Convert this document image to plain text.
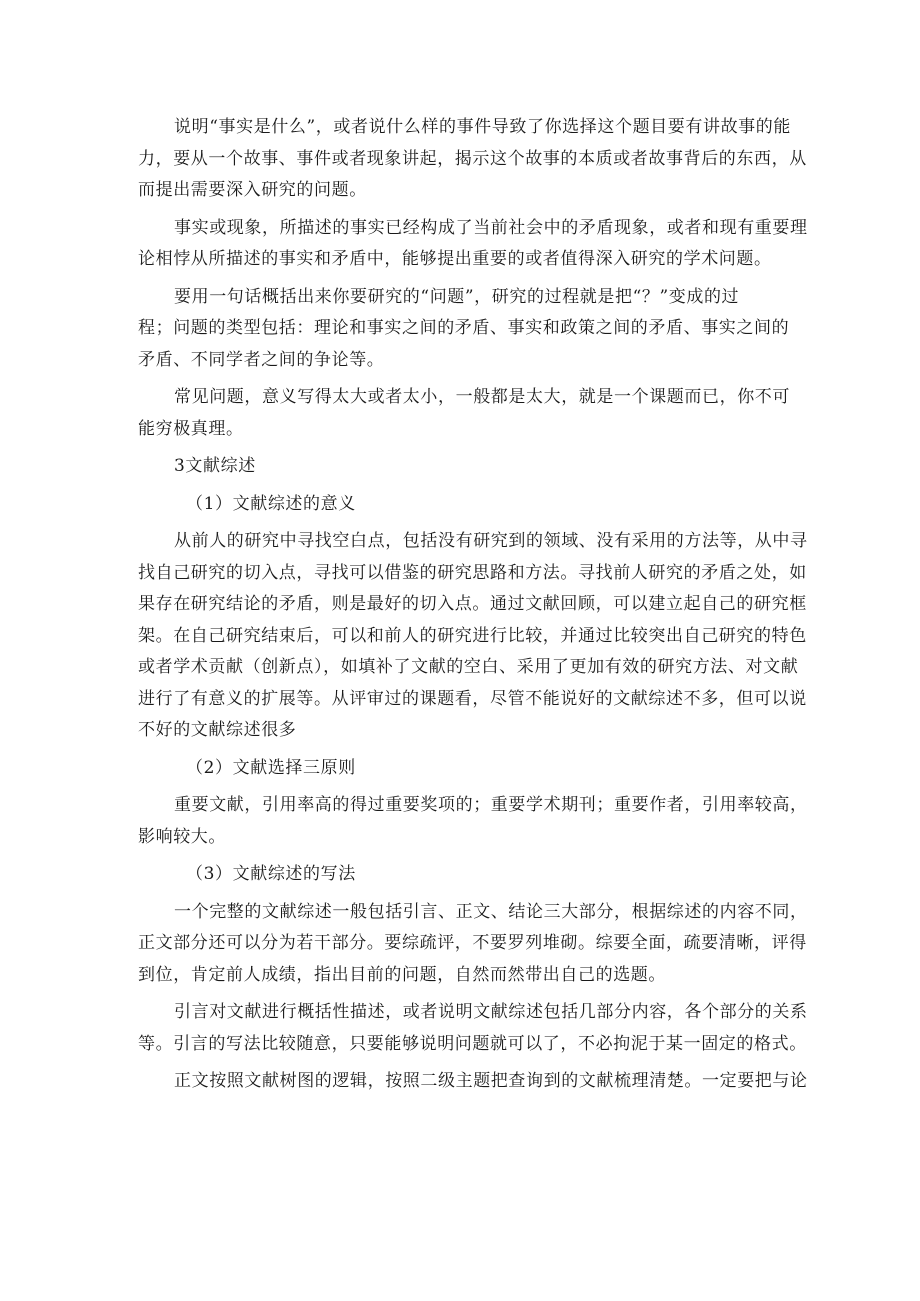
说明“事实是什么”，或者说什么样的事件导致了你选择这个题目要有讲故事的能
力，要从一个故事、事件或者现象讲起，揭示这个故事的本质或者故事背后的东西，从
而提出需要深入研究的问题。
事实或现象，所描述的事实已经构成了当前社会中的矛盾现象，或者和现有重要理
论相悖从所描述的事实和矛盾中，能够提出重要的或者值得深入研究的学术问题。
要用一句话概括出来你要研究的“问题”，研究的过程就是把“？”变成的过
程；问题的类型包括：理论和事实之间的矛盾、事实和政策之间的矛盾、事实之间的
矛盾、不同学者之间的争论等。
常见问题，意义写得太大或者太小，一般都是太大，就是一个课题而已，你不可
能穷极真理。
3文献综述
（1）文献综述的意义
从前人的研究中寻找空白点，包括没有研究到的领域、没有采用的方法等，从中寻
找自己研究的切入点，寻找可以借鉴的研究思路和方法。寻找前人研究的矛盾之处，如
果存在研究结论的矛盾，则是最好的切入点。通过文献回顾，可以建立起自己的研究框
架。在自己研究结束后，可以和前人的研究进行比较，并通过比较突出自己研究的特色
或者学术贡献（创新点），如填补了文献的空白、采用了更加有效的研究方法、对文献
进行了有意义的扩展等。从评审过的课题看，尽管不能说好的文献综述不多，但可以说
不好的文献综述很多
（2）文献选择三原则
重要文献，引用率高的得过重要奖项的；重要学术期刊；重要作者，引用率较高，
影响较大。
（3）文献综述的写法
一个完整的文献综述一般包括引言、正文、结论三大部分，根据综述的内容不同，
正文部分还可以分为若干部分。要综疏评，不要罗列堆砌。综要全面，疏要清晰，评得
到位，肯定前人成绩，指出目前的问题，自然而然带出自己的选题。
引言对文献进行概括性描述，或者说明文献综述包括几部分内容，各个部分的关系
等。引言的写法比较随意，只要能够说明问题就可以了，不必拘泥于某一固定的格式。
正文按照文献树图的逻辑，按照二级主题把查询到的文献梳理清楚。一定要把与论
